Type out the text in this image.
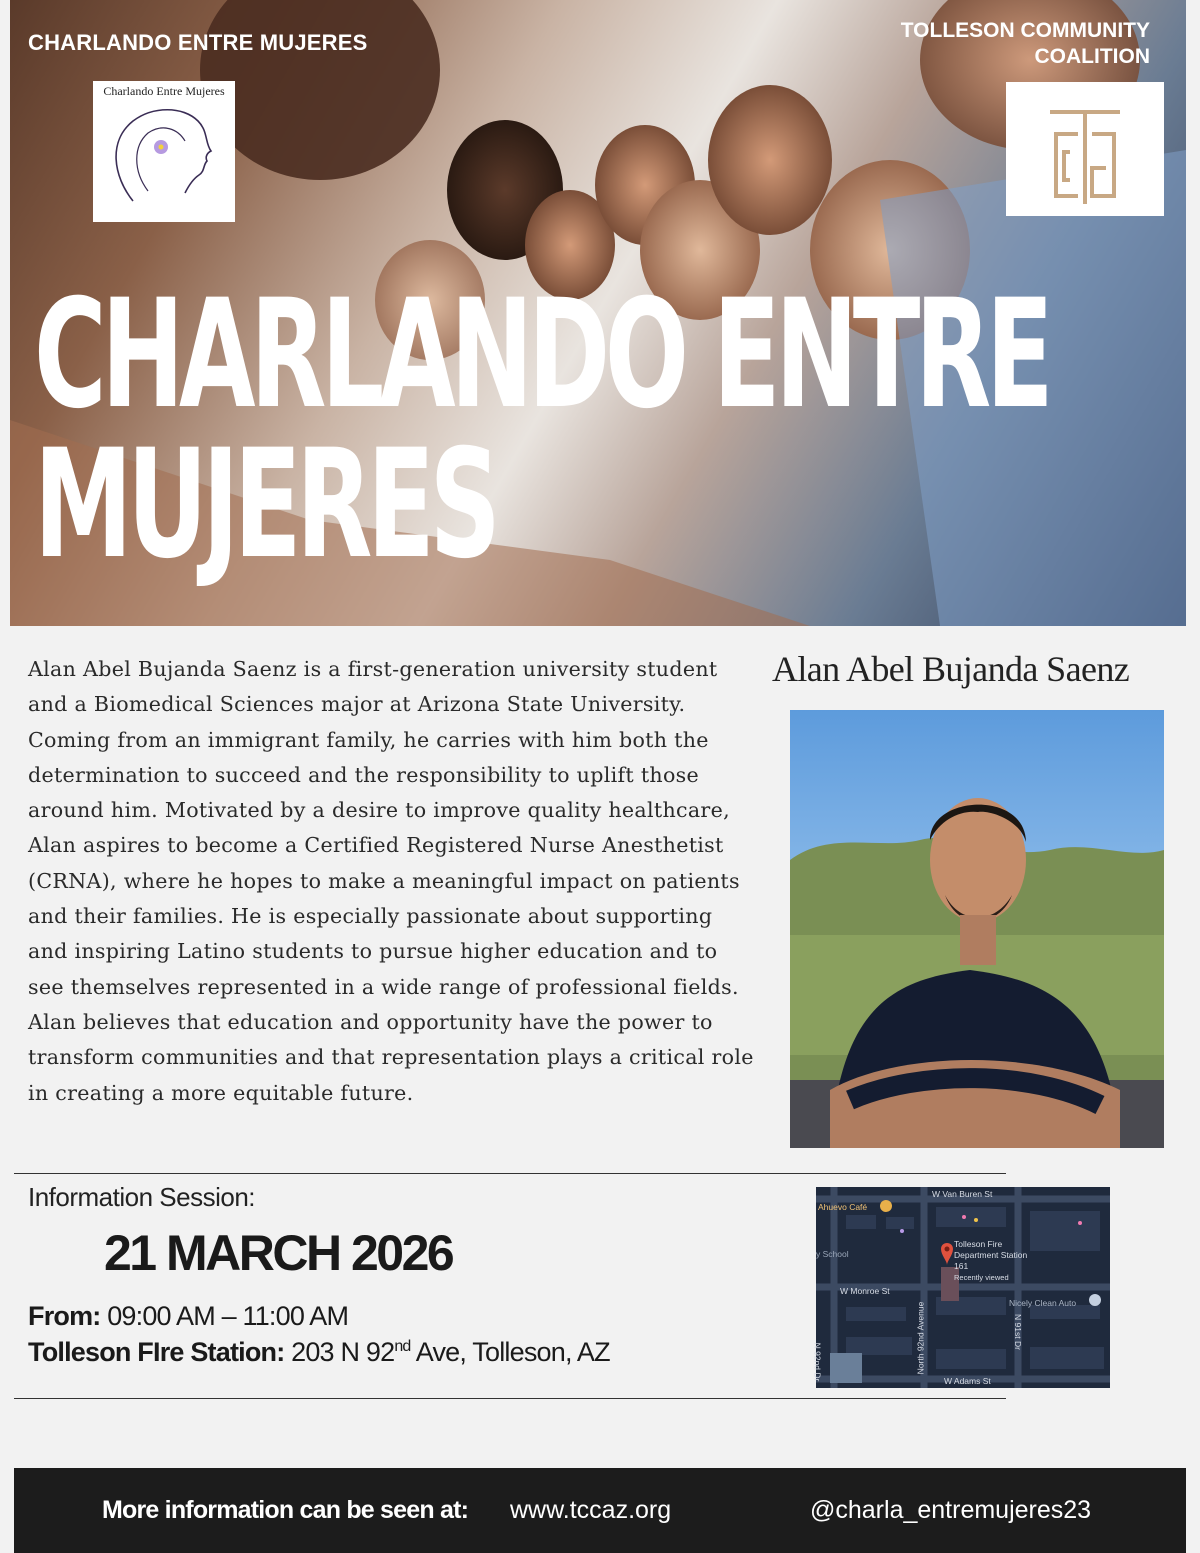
CHARLANDO ENTRE MUJERES	TOLLESON COMMUNITY
COALITION
Charlando Entre Mujeres
CHARLANDO ENTRE
MUJERES
Alan Abel Bujanda Saenz is a first-generation university student and a Biomedical Sciences major at Arizona State University. Coming from an immigrant family, he carries with him both the determination to succeed and the responsibility to uplift those around him. Motivated by a desire to improve quality healthcare, Alan aspires to become a Certified Registered Nurse Anesthetist (CRNA), where he hopes to make a meaningful impact on patients and their families. He is especially passionate about supporting and inspiring Latino students to pursue higher education and to see themselves represented in a wide range of professional fields. Alan believes that education and opportunity have the power to transform communities and that representation plays a critical role in creating a more equitable future.
Alan Abel Bujanda Saenz
Information Session:
21 MARCH 2026
From: 09:00 AM – 11:00 AM
Tolleson FIre Station: 203 N 92nd Ave, Tolleson, AZ
W Van Buren St
Ahuevo Café
y School
Tolleson Fire
Department Station
161
Recently viewed
W Monroe St
Nicely Clean Auto
N 92nd Dr	North 92nd Avenue	N 91st Dr
W Adams St
More information can be seen at: www.tccaz.org	@charla_entremujeres23
